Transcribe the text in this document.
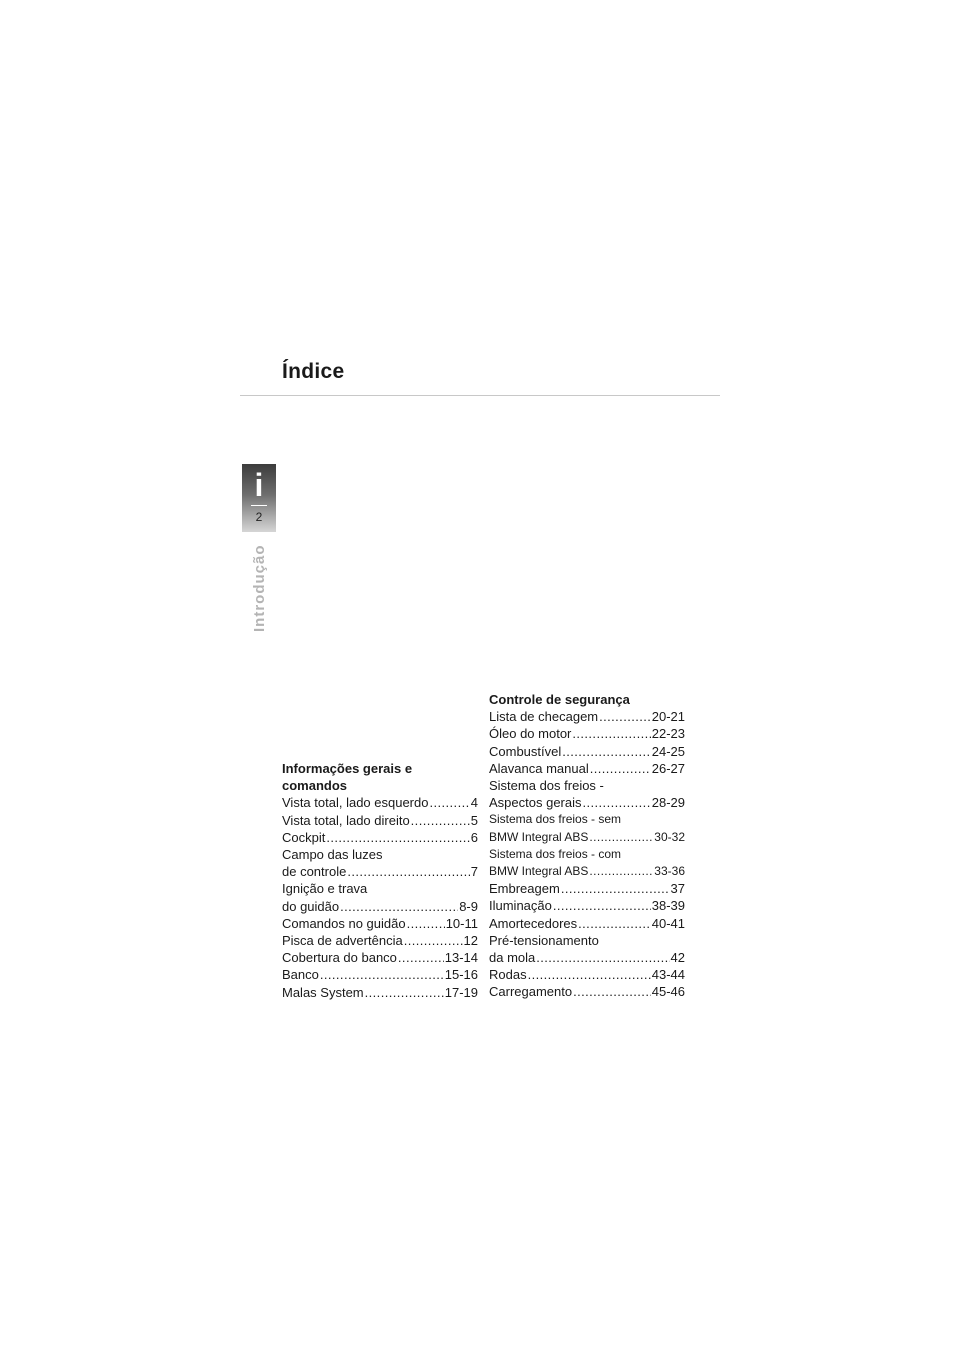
Índice
i
2
Introdução
Informações gerais e
comandos
Vista total, lado esquerdo .....	4
Vista total, lado direito .....	5
Cockpit .....	6
Campo das luzes
de controle .....	7
Ignição e trava
do guidão .....	8-9
Comandos no guidão .....	10-11
Pisca de advertência .....	12
Cobertura do banco .....	13-14
Banco .....	15-16
Malas System .....	17-19
Controle de segurança
Lista de checagem .....	20-21
Óleo do motor .....	22-23
Combustível .....	24-25
Alavanca manual .....	26-27
Sistema dos freios -
Aspectos gerais .....	28-29
Sistema dos freios - sem
BMW Integral ABS .....	30-32
Sistema dos freios - com
BMW Integral ABS .....	33-36
Embreagem .....	37
Iluminação .....	38-39
Amortecedores .....	40-41
Pré-tensionamento
da mola .....	42
Rodas .....	43-44
Carregamento .....	45-46
